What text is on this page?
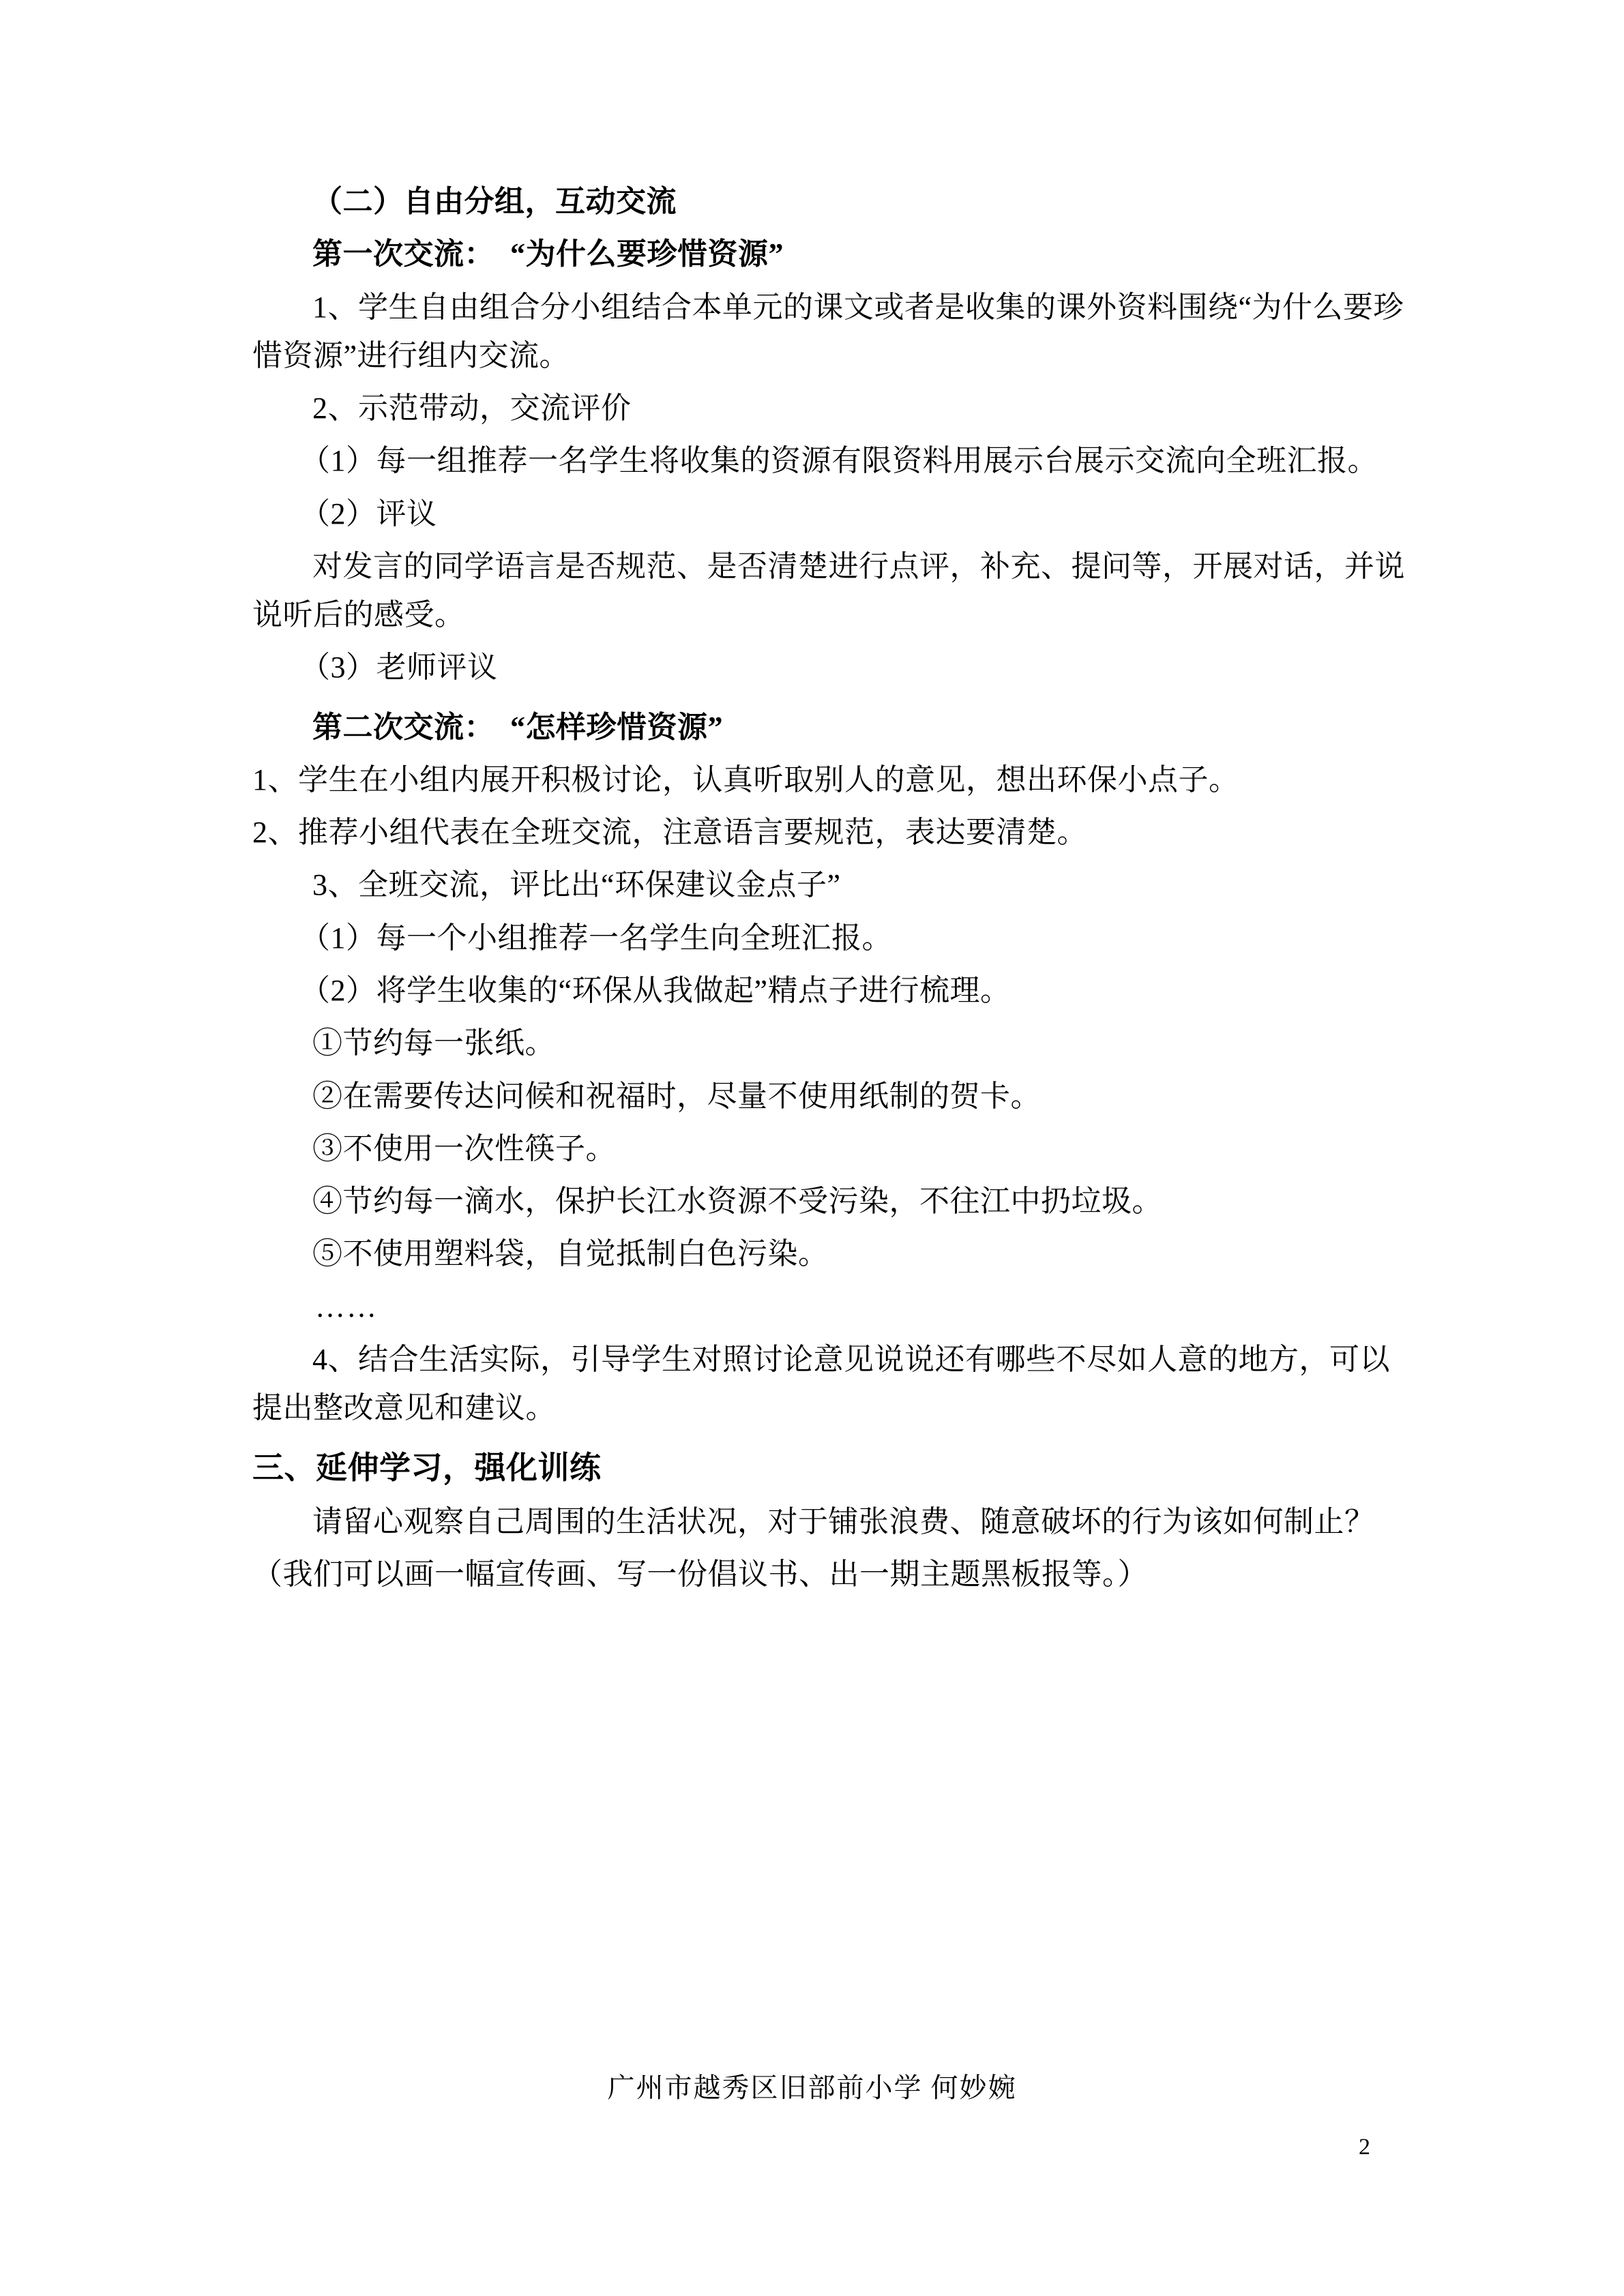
（二）自由分组，互动交流
第一次交流：  “为什么要珍惜资源”
1、学生自由组合分小组结合本单元的课文或者是收集的课外资料围绕“为什么要珍惜资源”进行组内交流。
2、示范带动，交流评价
（1）每一组推荐一名学生将收集的资源有限资料用展示台展示交流向全班汇报。
（2）评议
对发言的同学语言是否规范、是否清楚进行点评，补充、提问等，开展对话，并说说听后的感受。
（3）老师评议
第二次交流：  “怎样珍惜资源”
1、学生在小组内展开积极讨论，认真听取别人的意见，想出环保小点子。
2、推荐小组代表在全班交流，注意语言要规范，表达要清楚。
3、全班交流，评比出“环保建议金点子”
（1）每一个小组推荐一名学生向全班汇报。
（2）将学生收集的“环保从我做起”精点子进行梳理。
①节约每一张纸。
②在需要传达问候和祝福时，尽量不使用纸制的贺卡。
③不使用一次性筷子。
④节约每一滴水，保护长江水资源不受污染，不往江中扔垃圾。
⑤不使用塑料袋，自觉抵制白色污染。
……
4、结合生活实际，引导学生对照讨论意见说说还有哪些不尽如人意的地方，可以提出整改意见和建议。
三、延伸学习，强化训练
请留心观察自己周围的生活状况，对于铺张浪费、随意破坏的行为该如何制止？
（我们可以画一幅宣传画、写一份倡议书、出一期主题黑板报等。）
广州市越秀区旧部前小学 何妙婉
2
